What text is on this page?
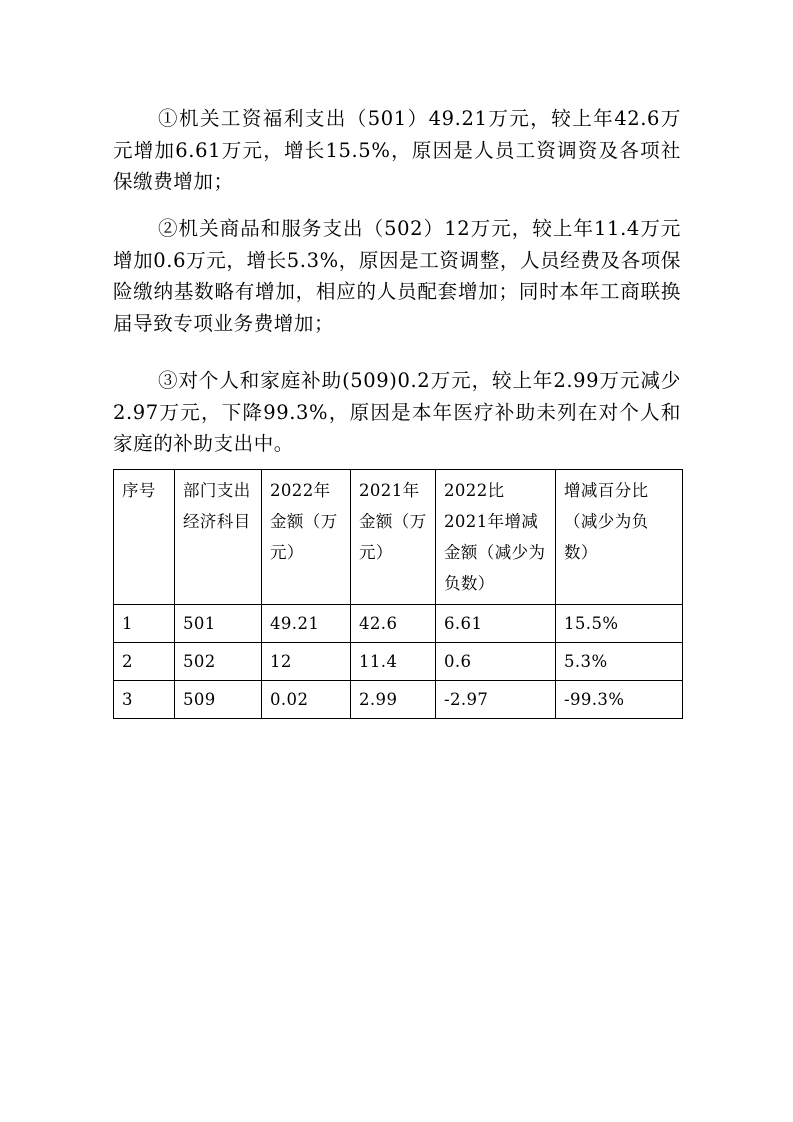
①机关工资福利支出（501）49.21万元，较上年42.6万元增加6.61万元，增长15.5%，原因是人员工资调资及各项社保缴费增加；

②机关商品和服务支出（502）12万元，较上年11.4万元增加0.6万元，增长5.3%，原因是工资调整，人员经费及各项保险缴纳基数略有增加，相应的人员配套增加；同时本年工商联换届导致专项业务费增加；

③对个人和家庭补助(509)0.2万元，较上年2.99万元减少2.97万元，下降99.3%，原因是本年医疗补助未列在对个人和家庭的补助支出中。

序号	部门支出经济科目	2022年金额（万元）	2021年金额（万元）	2022比2021年增减金额（减少为负数）	增减百分比（减少为负数）
1	501	49.21	42.6	6.61	15.5%
2	502	12	11.4	0.6	5.3%
3	509	0.02	2.99	-2.97	-99.3%
